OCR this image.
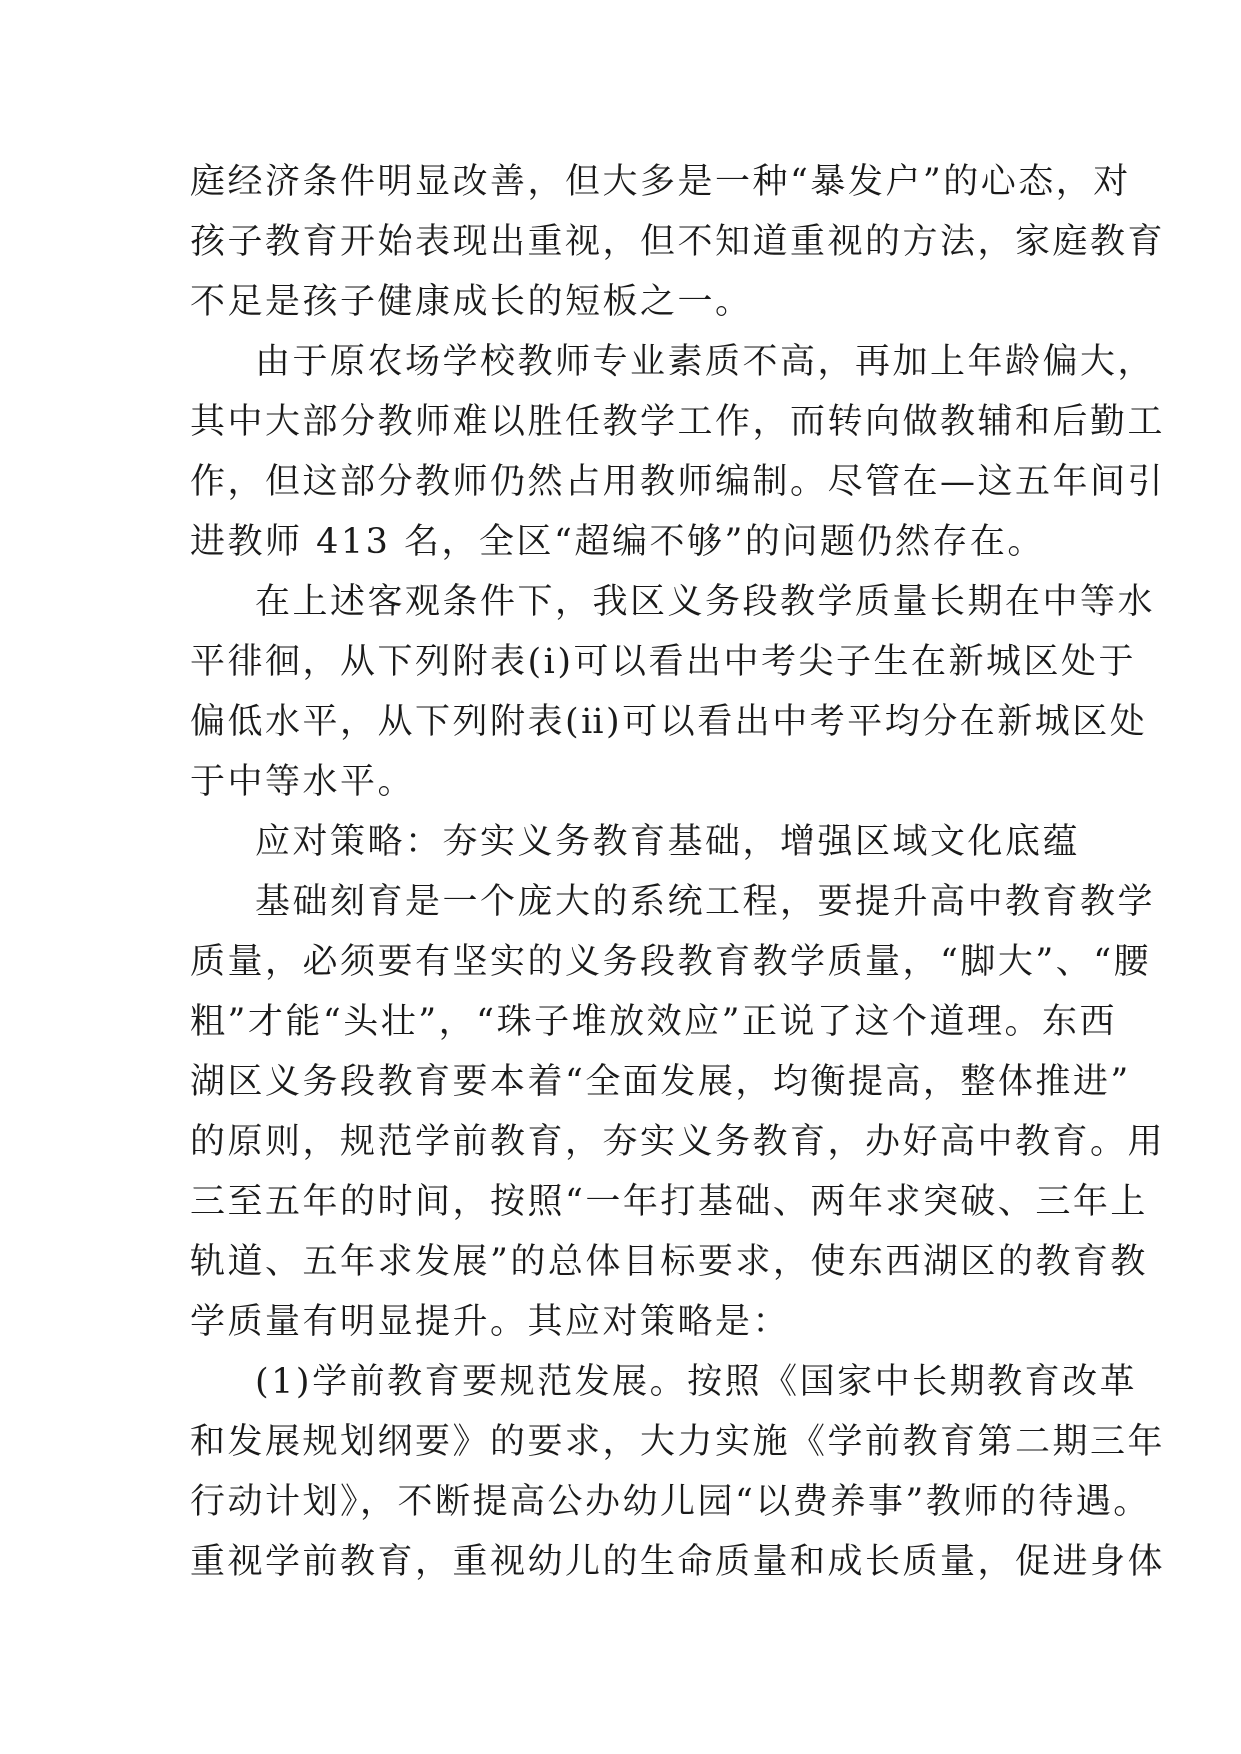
庭经济条件明显改善，但大多是一种“暴发户”的心态，对
孩子教育开始表现出重视，但不知道重视的方法，家庭教育
不足是孩子健康成长的短板之一。
由于原农场学校教师专业素质不高，再加上年龄偏大，
其中大部分教师难以胜任教学工作，而转向做教辅和后勤工
作，但这部分教师仍然占用教师编制。尽管在—这五年间引
进教师 413 名，全区“超编不够”的问题仍然存在。
在上述客观条件下，我区义务段教学质量长期在中等水
平徘徊，从下列附表(ⅰ)可以看出中考尖子生在新城区处于
偏低水平，从下列附表(ⅱ)可以看出中考平均分在新城区处
于中等水平。
应对策略：夯实义务教育基础，增强区域文化底蕴
基础刻育是一个庞大的系统工程，要提升高中教育教学
质量，必须要有坚实的义务段教育教学质量，“脚大”、“腰
粗”才能“头壮”，“珠子堆放效应”正说了这个道理。东西
湖区义务段教育要本着“全面发展，均衡提高，整体推进”
的原则，规范学前教育，夯实义务教育，办好高中教育。用
三至五年的时间，按照“一年打基础、两年求突破、三年上
轨道、五年求发展”的总体目标要求，使东西湖区的教育教
学质量有明显提升。其应对策略是：
(1)学前教育要规范发展。按照《国家中长期教育改革
和发展规划纲要》的要求，大力实施《学前教育第二期三年
行动计划》，不断提高公办幼儿园“以费养事”教师的待遇。
重视学前教育，重视幼儿的生命质量和成长质量，促进身体
